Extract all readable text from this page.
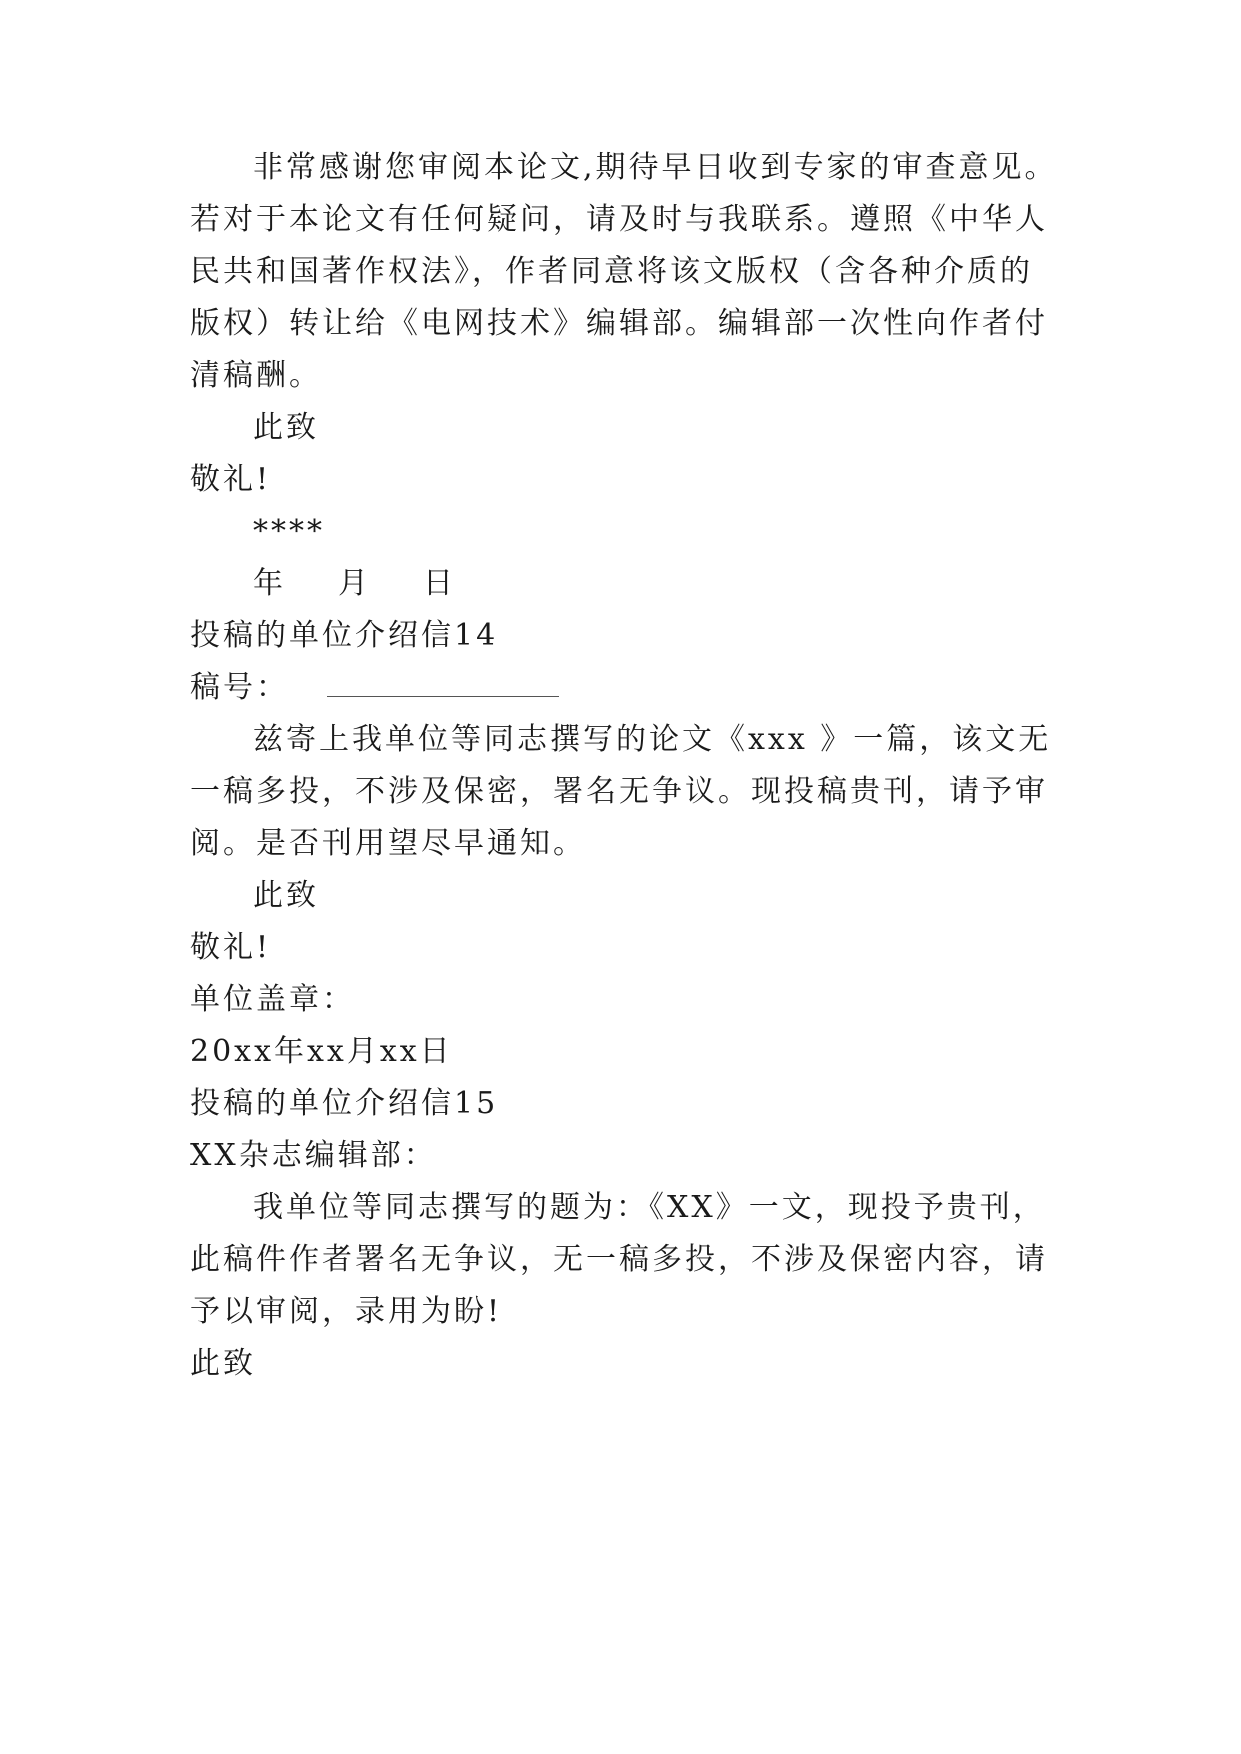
非常感谢您审阅本论文,期待早日收到专家的审查意见。
若对于本论文有任何疑问，请及时与我联系。遵照《中华人
民共和国著作权法》，作者同意将该文版权（含各种介质的
版权）转让给《电网技术》编辑部。编辑部一次性向作者付
清稿酬。
此致
敬礼!
****
年 月 日
投稿的单位介绍信14
稿号：
兹寄上我单位等同志撰写的论文《xxx 》一篇，该文无
一稿多投，不涉及保密，署名无争议。现投稿贵刊，请予审
阅。是否刊用望尽早通知。
此致
敬礼!
单位盖章：
20xx年xx月xx日
投稿的单位介绍信15
XX杂志编辑部：
我单位等同志撰写的题为：《XX》一文，现投予贵刊，
此稿件作者署名无争议，无一稿多投，不涉及保密内容，请
予以审阅，录用为盼!
此致
